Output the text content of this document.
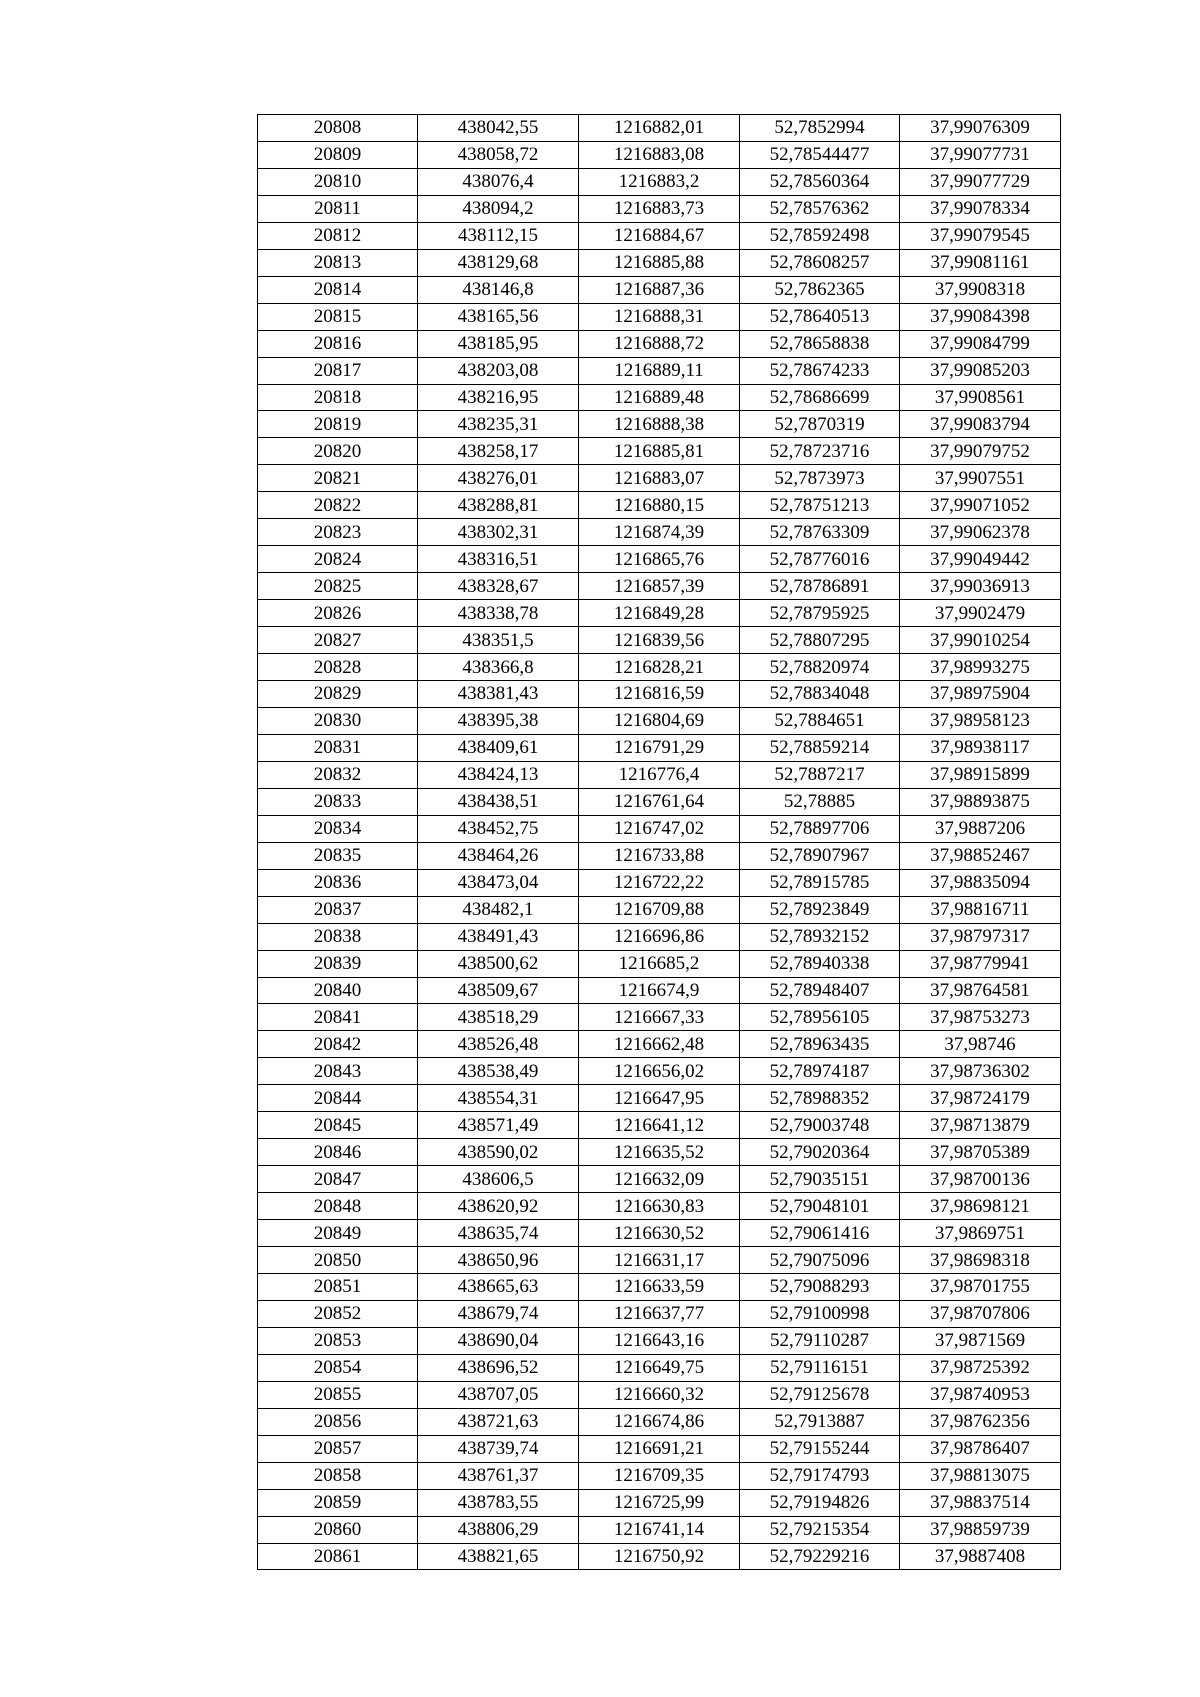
20808	438042,55	1216882,01	52,7852994	37,99076309
20809	438058,72	1216883,08	52,78544477	37,99077731
20810	438076,4	1216883,2	52,78560364	37,99077729
20811	438094,2	1216883,73	52,78576362	37,99078334
20812	438112,15	1216884,67	52,78592498	37,99079545
20813	438129,68	1216885,88	52,78608257	37,99081161
20814	438146,8	1216887,36	52,7862365	37,9908318
20815	438165,56	1216888,31	52,78640513	37,99084398
20816	438185,95	1216888,72	52,78658838	37,99084799
20817	438203,08	1216889,11	52,78674233	37,99085203
20818	438216,95	1216889,48	52,78686699	37,9908561
20819	438235,31	1216888,38	52,7870319	37,99083794
20820	438258,17	1216885,81	52,78723716	37,99079752
20821	438276,01	1216883,07	52,7873973	37,9907551
20822	438288,81	1216880,15	52,78751213	37,99071052
20823	438302,31	1216874,39	52,78763309	37,99062378
20824	438316,51	1216865,76	52,78776016	37,99049442
20825	438328,67	1216857,39	52,78786891	37,99036913
20826	438338,78	1216849,28	52,78795925	37,9902479
20827	438351,5	1216839,56	52,78807295	37,99010254
20828	438366,8	1216828,21	52,78820974	37,98993275
20829	438381,43	1216816,59	52,78834048	37,98975904
20830	438395,38	1216804,69	52,7884651	37,98958123
20831	438409,61	1216791,29	52,78859214	37,98938117
20832	438424,13	1216776,4	52,7887217	37,98915899
20833	438438,51	1216761,64	52,78885	37,98893875
20834	438452,75	1216747,02	52,78897706	37,9887206
20835	438464,26	1216733,88	52,78907967	37,98852467
20836	438473,04	1216722,22	52,78915785	37,98835094
20837	438482,1	1216709,88	52,78923849	37,98816711
20838	438491,43	1216696,86	52,78932152	37,98797317
20839	438500,62	1216685,2	52,78940338	37,98779941
20840	438509,67	1216674,9	52,78948407	37,98764581
20841	438518,29	1216667,33	52,78956105	37,98753273
20842	438526,48	1216662,48	52,78963435	37,98746
20843	438538,49	1216656,02	52,78974187	37,98736302
20844	438554,31	1216647,95	52,78988352	37,98724179
20845	438571,49	1216641,12	52,79003748	37,98713879
20846	438590,02	1216635,52	52,79020364	37,98705389
20847	438606,5	1216632,09	52,79035151	37,98700136
20848	438620,92	1216630,83	52,79048101	37,98698121
20849	438635,74	1216630,52	52,79061416	37,9869751
20850	438650,96	1216631,17	52,79075096	37,98698318
20851	438665,63	1216633,59	52,79088293	37,98701755
20852	438679,74	1216637,77	52,79100998	37,98707806
20853	438690,04	1216643,16	52,79110287	37,9871569
20854	438696,52	1216649,75	52,79116151	37,98725392
20855	438707,05	1216660,32	52,79125678	37,98740953
20856	438721,63	1216674,86	52,7913887	37,98762356
20857	438739,74	1216691,21	52,79155244	37,98786407
20858	438761,37	1216709,35	52,79174793	37,98813075
20859	438783,55	1216725,99	52,79194826	37,98837514
20860	438806,29	1216741,14	52,79215354	37,98859739
20861	438821,65	1216750,92	52,79229216	37,9887408
